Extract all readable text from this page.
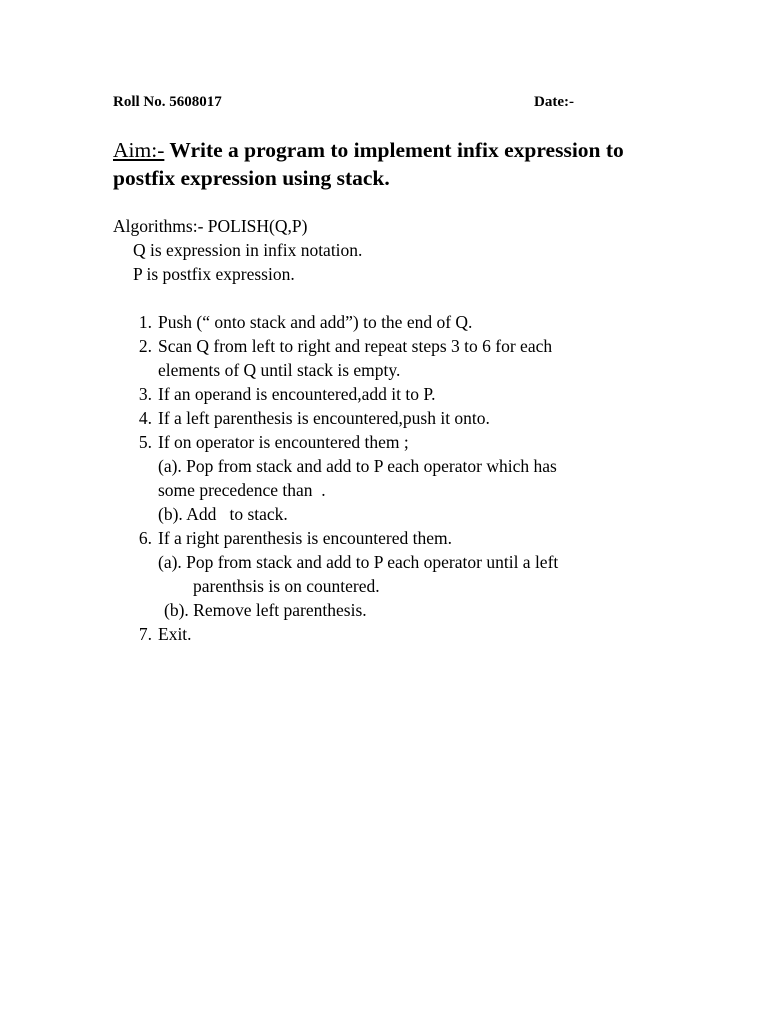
Roll No. 5608017	Date:-
Aim:- Write a program to implement infix expression to postfix expression using stack.
Algorithms:- POLISH(Q,P)
Q is expression in infix notation.
P is postfix expression.
1. Push (“ onto stack and add”) to the end of Q.
2. Scan Q from left to right and repeat steps 3 to 6 for each
elements of Q until stack is empty.
3. If an operand is encountered,add it to P.
4. If a left parenthesis is encountered,push it onto.
5. If on operator is encountered them ;
(a). Pop from stack and add to P each operator which has
some precedence than  .
(b). Add   to stack.
6. If a right parenthesis is encountered them.
(a). Pop from stack and add to P each operator until a left
parenthsis is on countered.
(b). Remove left parenthesis.
7. Exit.
